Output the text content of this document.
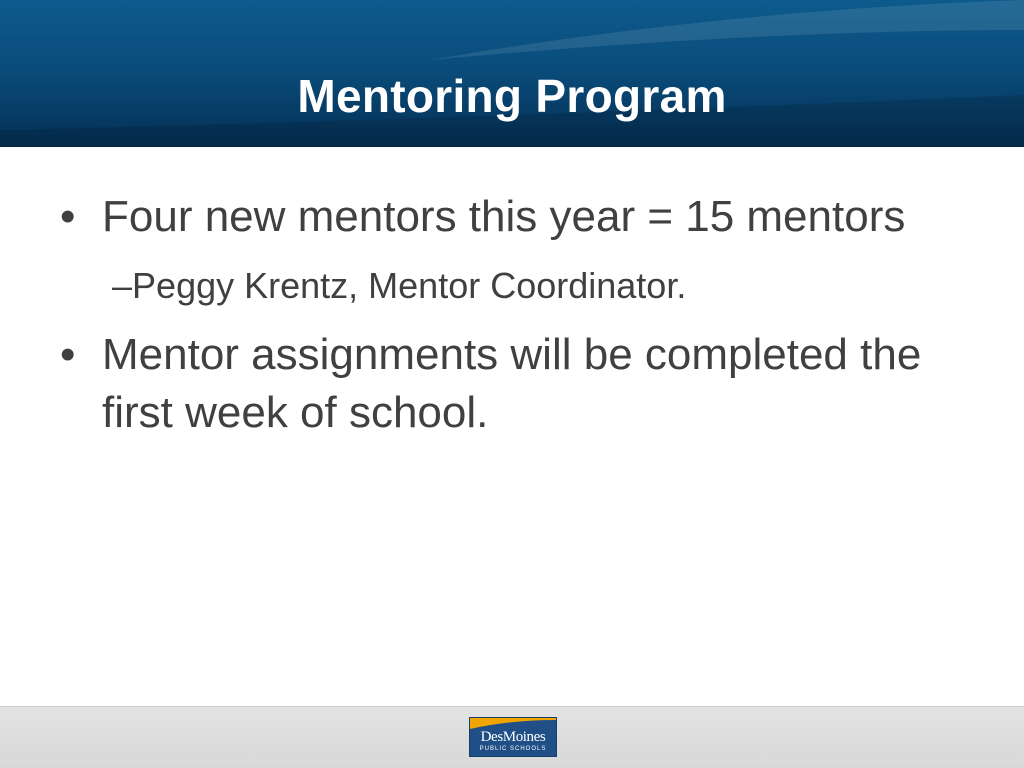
Mentoring Program
• Four new mentors this year = 15 mentors
–Peggy Krentz, Mentor Coordinator.
• Mentor assignments will be completed the first week of school.
DesMoines
PUBLIC SCHOOLS
